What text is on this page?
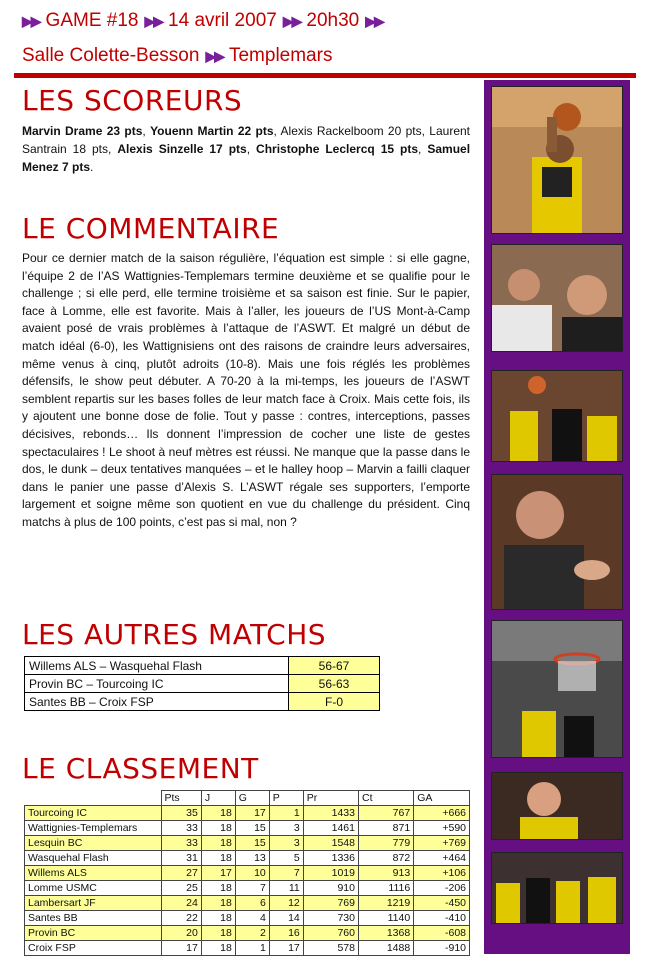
▶▶ GAME #18 ▶▶ 14 avril 2007 ▶▶ 20h30 ▶▶
Salle Colette-Besson ▶▶ Templemars
LES SCOREURS
Marvin Drame 23 pts, Youenn Martin 22 pts, Alexis Rackelboom 20 pts, Laurent Santrain 18 pts, Alexis Sinzelle 17 pts, Christophe Leclercq 15 pts, Samuel Menez 7 pts.
LE COMMENTAIRE
Pour ce dernier match de la saison régulière, l’équation est simple : si elle gagne, l’équipe 2 de l’AS Wattignies-Templemars termine deuxième et se qualifie pour le challenge ; si elle perd, elle termine troisième et sa saison est finie. Sur le papier, face à Lomme, elle est favorite. Mais à l’aller, les joueurs de l’US Mont-à-Camp avaient posé de vrais problèmes à l’attaque de l’ASWT. Et malgré un début de match idéal (6-0), les Wattignisiens ont des raisons de craindre leurs adversaires, même venus à cinq, plutôt adroits (10-8). Mais une fois réglés les problèmes défensifs, le show peut débuter. A 70-20 à la mi-temps, les joueurs de l’ASWT semblent repartis sur les bases folles de leur match face à Croix. Mais cette fois, ils y ajoutent une bonne dose de folie. Tout y passe : contres, interceptions, passes décisives, rebonds… Ils donnent l’impression de cocher une liste de gestes spectaculaires ! Le shoot à neuf mètres est réussi. Ne manque que la passe dans le dos, le dunk – deux tentatives manquées – et le halley hoop – Marvin a failli claquer dans le panier une passe d’Alexis S. L’ASWT régale ses supporters, l’emporte largement et soigne même son quotient en vue du challenge du président. Cinq matchs à plus de 100 points, c’est pas si mal, non ?
LES AUTRES MATCHS
Willems ALS – Wasquehal Flash	56-67
Provin BC – Tourcoing IC	56-63
Santes BB – Croix FSP	F-0
LE CLASSEMENT
	Pts	J	G	P	Pr	Ct	GA
Tourcoing IC	35	18	17	1	1433	767	+666
Wattignies-Templemars	33	18	15	3	1461	871	+590
Lesquin BC	33	18	15	3	1548	779	+769
Wasquehal Flash	31	18	13	5	1336	872	+464
Willems ALS	27	17	10	7	1019	913	+106
Lomme USMC	25	18	7	11	910	1116	-206
Lambersart JF	24	18	6	12	769	1219	-450
Santes BB	22	18	4	14	730	1140	-410
Provin BC	20	18	2	16	760	1368	-608
Croix FSP	17	18	1	17	578	1488	-910
